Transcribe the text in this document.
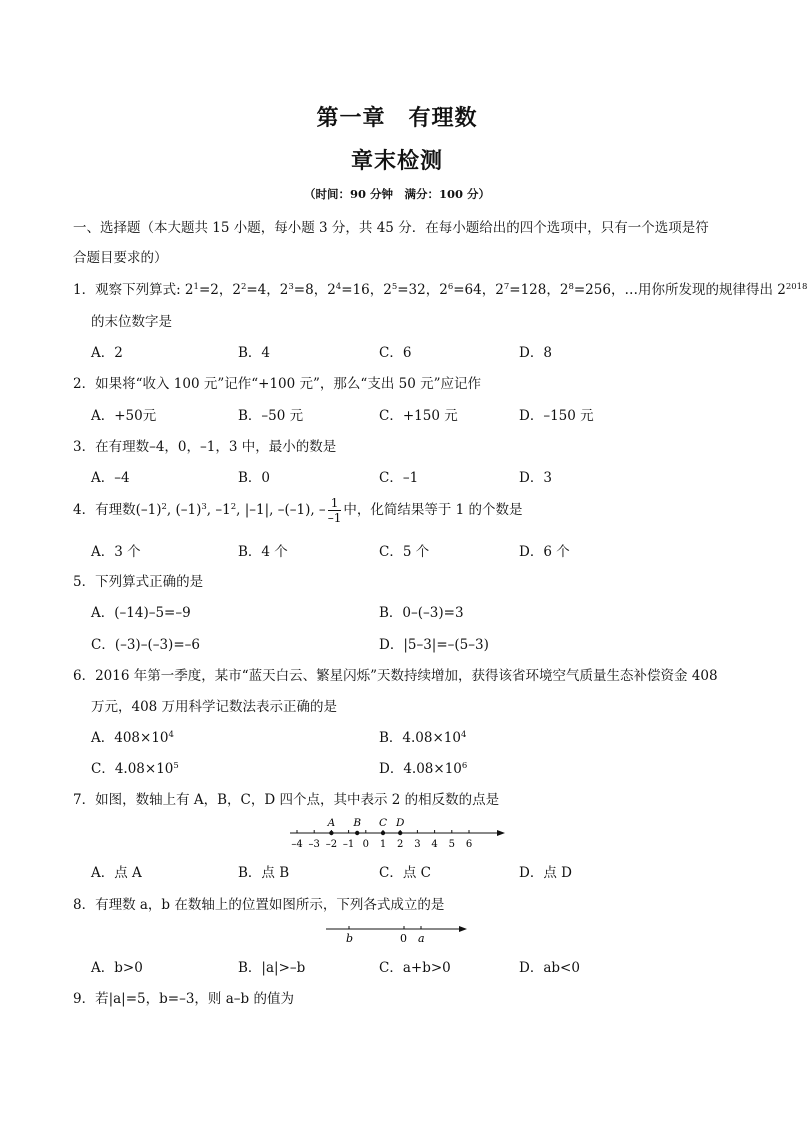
第一章　有理数
章末检测
（时间：90 分钟　满分：100 分）
一、选择题（本大题共 15 小题，每小题 3 分，共 45 分．在每小题给出的四个选项中，只有一个选项是符
合题目要求的）
1．观察下列算式: $2^1=2$，$2^2=4$，$2^3=8$，$2^4=16$，$2^5=32$，$2^6=64$，$2^7=128$，$2^8=256$，…用你所发现的规律得出 $2^{2018}$
的末位数字是
A．2	B．4	C．6	D．8
2．如果将“收入 100 元”记作“+100 元”，那么“支出 50 元”应记作
A．+50元	B．–50 元	C．+150 元	D．–150 元
3．在有理数–4，0，–1，3 中，最小的数是
A．–4	B．0	C．–1	D．3
4．有理数$(-1)^2$, $(-1)^3$, $-1^2$, |–1|, –(–1), – $\frac{1}{-1}$ 中，化简结果等于 1 的个数是
A．3 个	B．4 个	C．5 个	D．6 个
5．下列算式正确的是
A．(–14)–5=–9	B．0–(–3)=3
C．(–3)–(–3)=–6	D．|5–3|=–(5–3)
6．2016 年第一季度，某市“蓝天白云、繁星闪烁”天数持续增加，获得该省环境空气质量生态补偿资金 408
万元，408 万用科学记数法表示正确的是
A．$408\times 10^4$	B．$4.08\times 10^4$
C．$4.08\times 10^5$	D．$4.08\times 10^6$
7．如图，数轴上有 A，B，C，D 四个点，其中表示 2 的相反数的点是
–4 –3 –2 –1 0 1 2 3 4 5 6
A B C D
A．点 A	B．点 B	C．点 C	D．点 D
8．有理数 a，b 在数轴上的位置如图所示，下列各式成立的是
b	0 a
A．b>0	B．|a|>–b	C．a+b>0	D．ab<0
9．若|a|=5，b=–3，则 a–b 的值为
